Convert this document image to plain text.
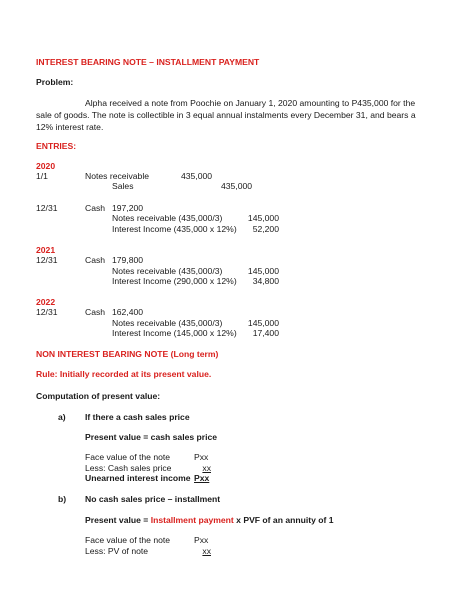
INTEREST BEARING NOTE – INSTALLMENT PAYMENT
Problem:
Alpha received a note from Poochie on January 1, 2020 amounting to P435,000 for the sale of goods. The note is collectible in 3 equal annual instalments every December 31, and bears a 12% interest rate.
ENTRIES:
2020
1/1	Notes receivable	435,000
Sales	435,000
12/31	Cash 197,200
Notes receivable (435,000/3)	145,000
Interest Income (435,000 x 12%)	52,200
2021
12/31	Cash 179,800
Notes receivable (435,000/3)	145,000
Interest Income (290,000 x 12%)	34,800
2022
12/31	Cash 162,400
Notes receivable (435,000/3)	145,000
Interest Income (145,000 x 12%)	17,400
NON INTEREST BEARING NOTE (Long term)
Rule: Initially recorded at its present value.
Computation of present value:
a) If there a cash sales price
Present value = cash sales price
Face value of the note	Pxx
Less: Cash sales price	xx
Unearned interest income Pxx
b) No cash sales price – installment
Present value = Installment payment x PVF of an annuity of 1
Face value of the note	Pxx
Less: PV of note	xx
